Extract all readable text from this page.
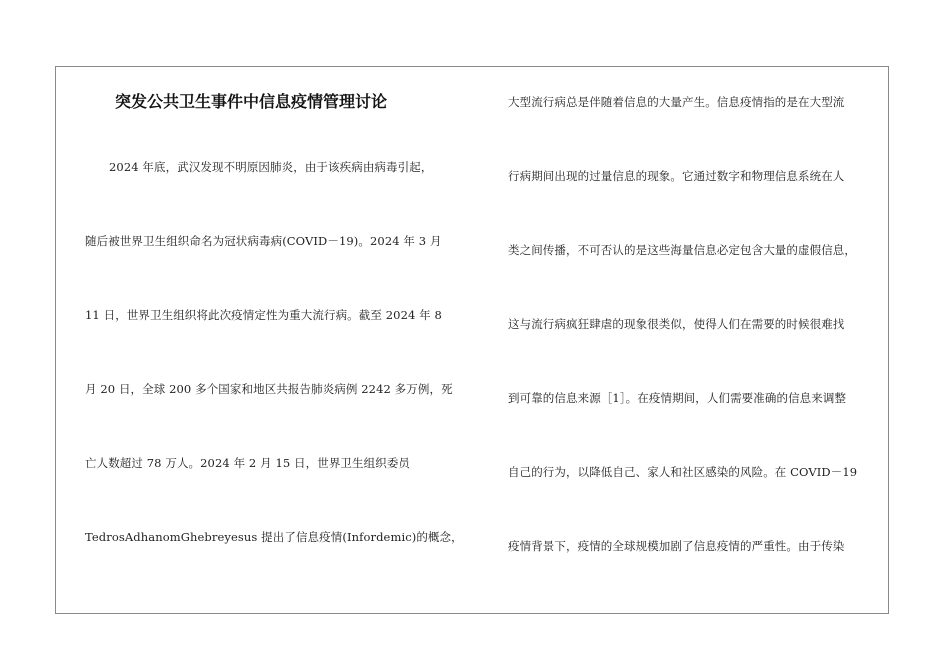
突发公共卫生事件中信息疫情管理讨论
2024 年底，武汉发现不明原因肺炎，由于该疾病由病毒引起，
随后被世界卫生组织命名为冠状病毒病(COVID－19)。2024 年 3 月
11 日，世界卫生组织将此次疫情定性为重大流行病。截至 2024 年 8
月 20 日，全球 200 多个国家和地区共报告肺炎病例 2242 多万例，死
亡人数超过 78 万人。2024 年 2 月 15 日，世界卫生组织委员
TedrosAdhanomGhebreyesus 提出了信息疫情(Infordemic)的概念，
大型流行病总是伴随着信息的大量产生。信息疫情指的是在大型流
行病期间出现的过量信息的现象。它通过数字和物理信息系统在人
类之间传播，不可否认的是这些海量信息必定包含大量的虚假信息，
这与流行病疯狂肆虐的现象很类似，使得人们在需要的时候很难找
到可靠的信息来源［1］。在疫情期间，人们需要准确的信息来调整
自己的行为，以降低自己、家人和社区感染的风险。在 COVID－19
疫情背景下，疫情的全球规模加剧了信息疫情的严重性。由于传染
